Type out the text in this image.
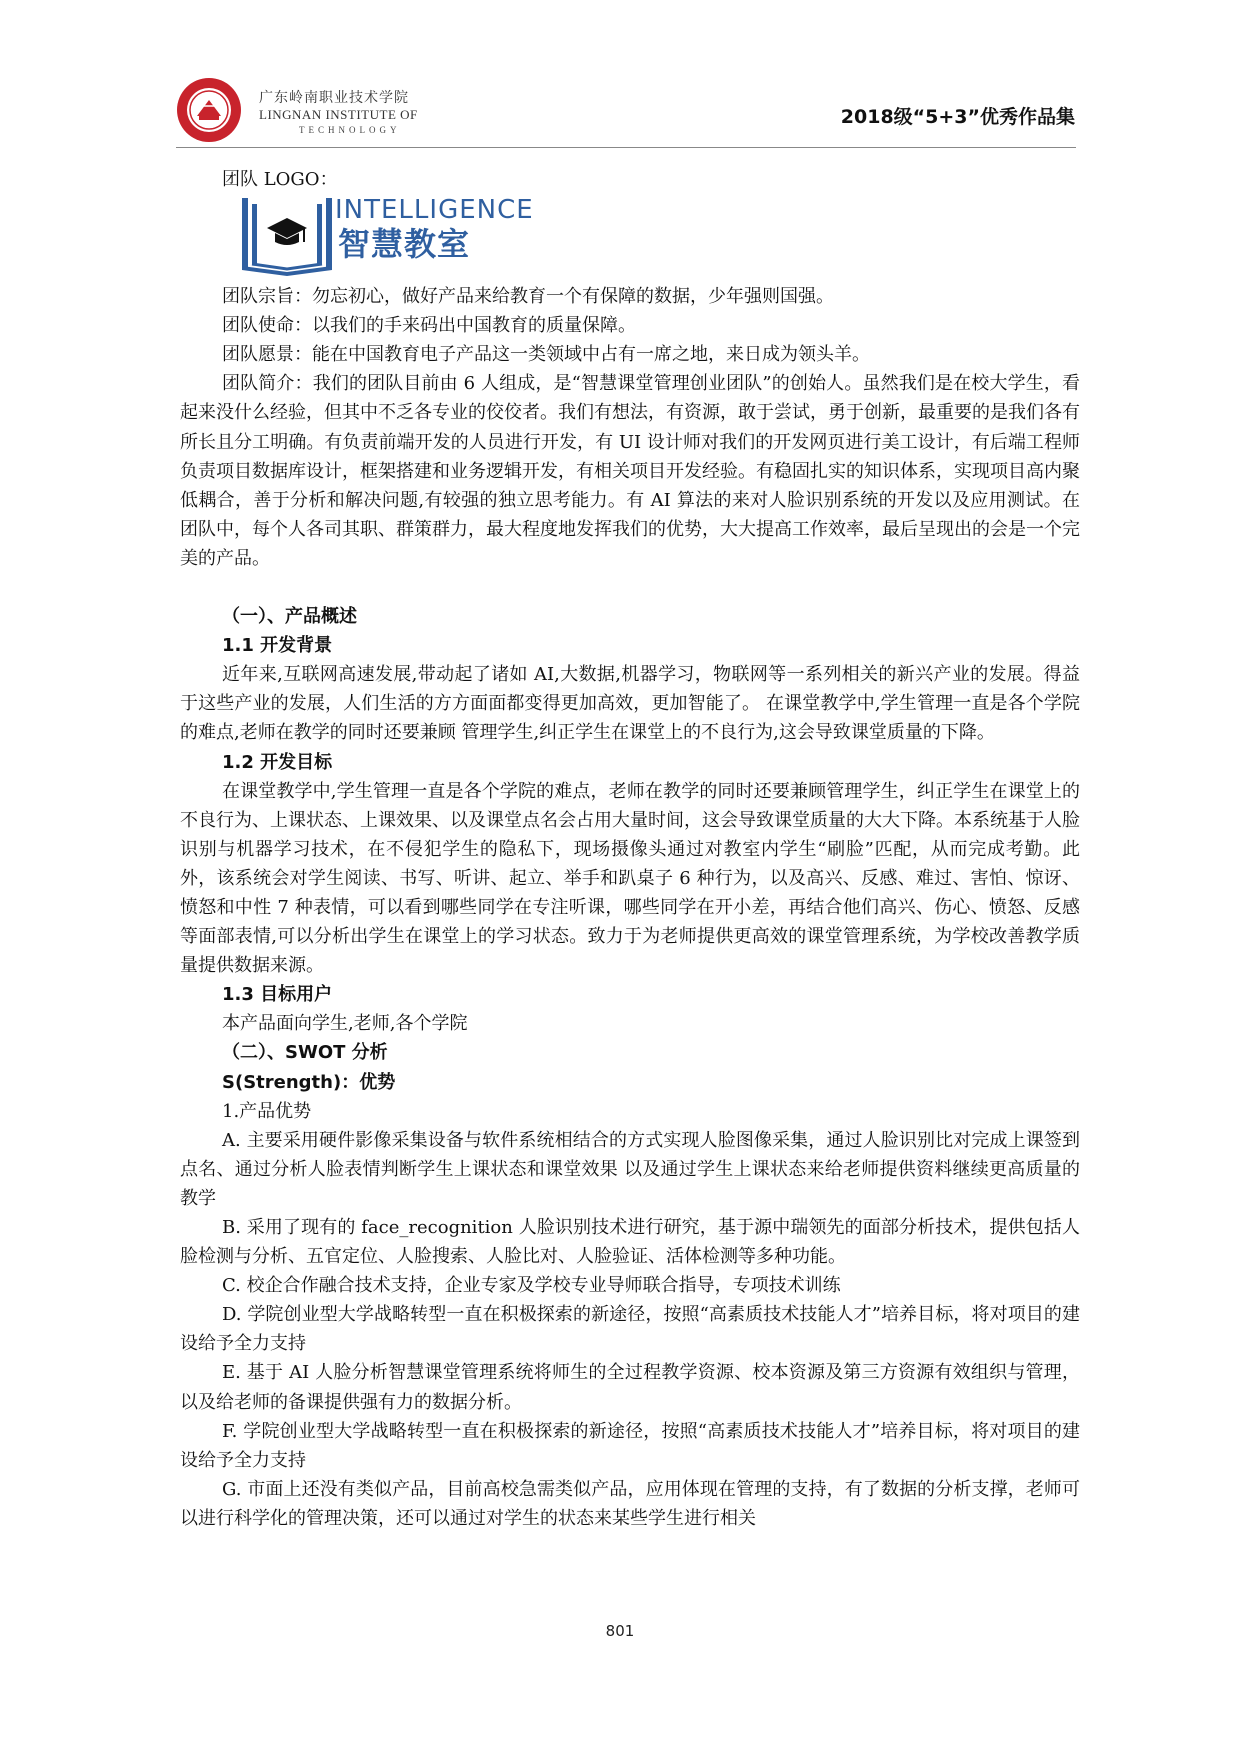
广东岭南职业技术学院
LINGNAN INSTITUTE OF
TECHNOLOGY
2018级“5+3”优秀作品集

团队 LOGO：

INTELLIGENCE
智慧教室

团队宗旨：勿忘初心，做好产品来给教育一个有保障的数据，少年强则国强。

团队使命：以我们的手来码出中国教育的质量保障。

团队愿景：能在中国教育电子产品这一类领域中占有一席之地，来日成为领头羊。

团队简介：我们的团队目前由 6 人组成，是“智慧课堂管理创业团队”的创始人。虽然我们是在校大学生，看起来没什么经验，但其中不乏各专业的佼佼者。我们有想法，有资源，敢于尝试，勇于创新，最重要的是我们各有所长且分工明确。有负责前端开发的人员进行开发，有 UI 设计师对我们的开发网页进行美工设计，有后端工程师负责项目数据库设计，框架搭建和业务逻辑开发，有相关项目开发经验。有稳固扎实的知识体系，实现项目高内聚低耦合，善于分析和解决问题,有较强的独立思考能力。有 AI 算法的来对人脸识别系统的开发以及应用测试。在团队中，每个人各司其职、群策群力，最大程度地发挥我们的优势，大大提高工作效率，最后呈现出的会是一个完美的产品。

（一）、产品概述

1.1 开发背景

近年来,互联网高速发展,带动起了诸如 AI,大数据,机器学习，物联网等一系列相关的新兴产业的发展。得益于这些产业的发展，人们生活的方方面面都变得更加高效，更加智能了。 在课堂教学中,学生管理一直是各个学院的难点,老师在教学的同时还要兼顾 管理学生,纠正学生在课堂上的不良行为,这会导致课堂质量的下降。

1.2 开发目标

在课堂教学中,学生管理一直是各个学院的难点，老师在教学的同时还要兼顾管理学生，纠正学生在课堂上的不良行为、上课状态、上课效果、以及课堂点名会占用大量时间，这会导致课堂质量的大大下降。本系统基于人脸识别与机器学习技术，在不侵犯学生的隐私下，现场摄像头通过对教室内学生“刷脸”匹配，从而完成考勤。此外，该系统会对学生阅读、书写、听讲、起立、举手和趴桌子 6 种行为，以及高兴、反感、难过、害怕、惊讶、愤怒和中性 7 种表情，可以看到哪些同学在专注听课，哪些同学在开小差，再结合他们高兴、伤心、愤怒、反感等面部表情,可以分析出学生在课堂上的学习状态。致力于为老师提供更高效的课堂管理系统，为学校改善教学质量提供数据来源。

1.3 目标用户

本产品面向学生,老师,各个学院

（二）、SWOT 分析

S(Strength)：优势

1.产品优势

A. 主要采用硬件影像采集设备与软件系统相结合的方式实现人脸图像采集，通过人脸识别比对完成上课签到点名、通过分析人脸表情判断学生上课状态和课堂效果 以及通过学生上课状态来给老师提供资料继续更高质量的教学

B. 采用了现有的 face_recognition 人脸识别技术进行研究，基于源中瑞领先的面部分析技术，提供包括人脸检测与分析、五官定位、人脸搜索、人脸比对、人脸验证、活体检测等多种功能。

C. 校企合作融合技术支持，企业专家及学校专业导师联合指导，专项技术训练

D. 学院创业型大学战略转型一直在积极探索的新途径，按照“高素质技术技能人才”培养目标，将对项目的建设给予全力支持

E. 基于 AI 人脸分析智慧课堂管理系统将师生的全过程教学资源、校本资源及第三方资源有效组织与管理，以及给老师的备课提供强有力的数据分析。

F. 学院创业型大学战略转型一直在积极探索的新途径，按照“高素质技术技能人才”培养目标，将对项目的建设给予全力支持

G. 市面上还没有类似产品，目前高校急需类似产品，应用体现在管理的支持，有了数据的分析支撑，老师可以进行科学化的管理决策，还可以通过对学生的状态来某些学生进行相关

801
